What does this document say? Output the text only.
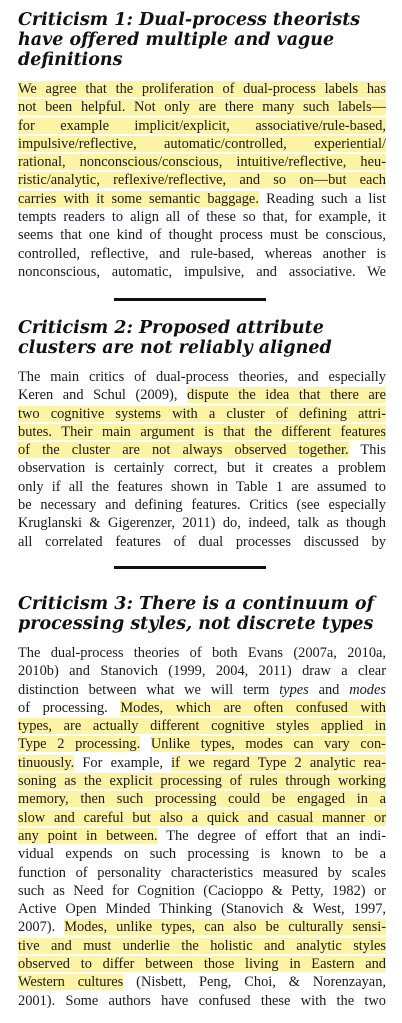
Criticism 1: Dual-process theorists
have offered multiple and vague
definitions
We agree that the proliferation of dual-process labels has
not been helpful. Not only are there many such labels—
for example implicit/explicit, associative/rule-based,
impulsive/reflective, automatic/controlled, experiential/
rational, nonconscious/conscious, intuitive/reflective, heu-
ristic/analytic, reflexive/reflective, and so on—but each
carries with it some semantic baggage. Reading such a list
tempts readers to align all of these so that, for example, it
seems that one kind of thought process must be conscious,
controlled, reflective, and rule-based, whereas another is
nonconscious, automatic, impulsive, and associative. We
Criticism 2: Proposed attribute
clusters are not reliably aligned
The main critics of dual-process theories, and especially
Keren and Schul (2009), dispute the idea that there are
two cognitive systems with a cluster of defining attri-
butes. Their main argument is that the different features
of the cluster are not always observed together. This
observation is certainly correct, but it creates a problem
only if all the features shown in Table 1 are assumed to
be necessary and defining features. Critics (see especially
Kruglanski & Gigerenzer, 2011) do, indeed, talk as though
all correlated features of dual processes discussed by
Criticism 3: There is a continuum of
processing styles, not discrete types
The dual-process theories of both Evans (2007a, 2010a,
2010b) and Stanovich (1999, 2004, 2011) draw a clear
distinction between what we will term types and modes
of processing. Modes, which are often confused with
types, are actually different cognitive styles applied in
Type 2 processing. Unlike types, modes can vary con-
tinuously. For example, if we regard Type 2 analytic rea-
soning as the explicit processing of rules through working
memory, then such processing could be engaged in a
slow and careful but also a quick and casual manner or
any point in between. The degree of effort that an indi-
vidual expends on such processing is known to be a
function of personality characteristics measured by scales
such as Need for Cognition (Cacioppo & Petty, 1982) or
Active Open Minded Thinking (Stanovich & West, 1997,
2007). Modes, unlike types, can also be culturally sensi-
tive and must underlie the holistic and analytic styles
observed to differ between those living in Eastern and
Western cultures (Nisbett, Peng, Choi, & Norenzayan,
2001). Some authors have confused these with the two
